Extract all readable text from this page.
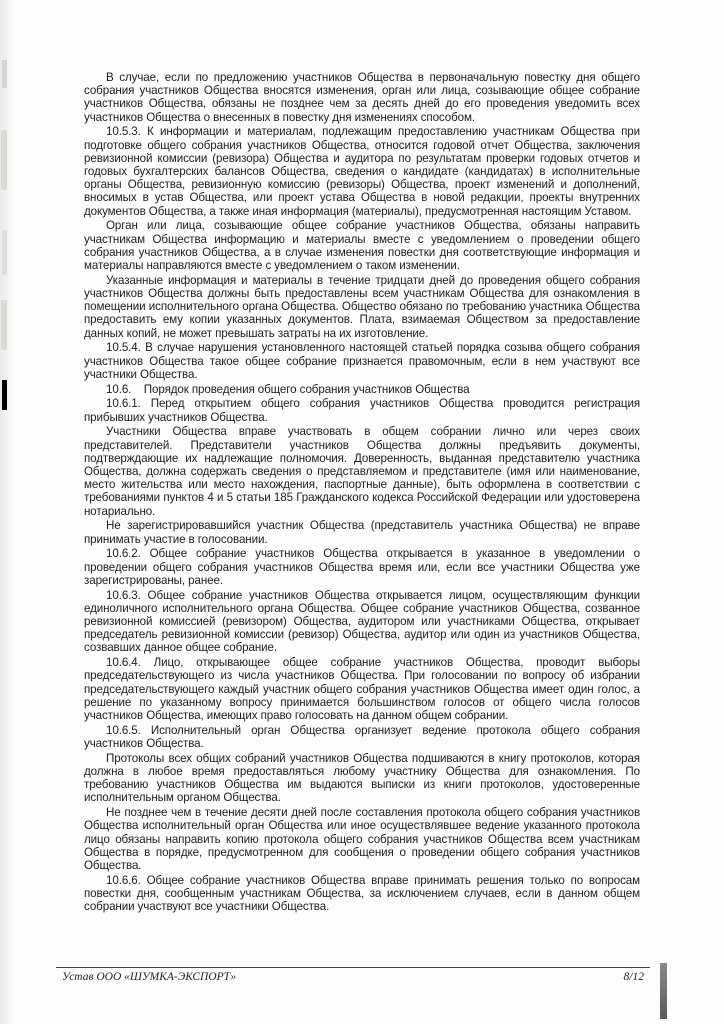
В случае, если по предложению участников Общества в первоначальную повестку дня общего собрания участников Общества вносятся изменения, орган или лица, созывающие общее собрание участников Общества, обязаны не позднее чем за десять дней до его проведения уведомить всех участников Общества о внесенных в повестку дня изменениях способом.

10.5.3. К информации и материалам, подлежащим предоставлению участникам Общества при подготовке общего собрания участников Общества, относится годовой отчет Общества, заключения ревизионной комиссии (ревизора) Общества и аудитора по результатам проверки годовых отчетов и годовых бухгалтерских балансов Общества, сведения о кандидате (кандидатах) в исполнительные органы Общества, ревизионную комиссию (ревизоры) Общества, проект изменений и дополнений, вносимых в устав Общества, или проект устава Общества в новой редакции, проекты внутренних документов Общества, а также иная информация (материалы), предусмотренная настоящим Уставом.

Орган или лица, созывающие общее собрание участников Общества, обязаны направить участникам Общества информацию и материалы вместе с уведомлением о проведении общего собрания участников Общества, а в случае изменения повестки дня соответствующие информация и материалы направляются вместе с уведомлением о таком изменении.

Указанные информация и материалы в течение тридцати дней до проведения общего собрания участников Общества должны быть предоставлены всем участникам Общества для ознакомления в помещении исполнительного органа Общества. Общество обязано по требованию участника Общества предоставить ему копии указанных документов. Плата, взимаемая Обществом за предоставление данных копий, не может превышать затраты на их изготовление.

10.5.4. В случае нарушения установленного настоящей статьей порядка созыва общего собрания участников Общества такое общее собрание признается правомочным, если в нем участвуют все участники Общества.

10.6.    Порядок проведения общего собрания участников Общества

10.6.1. Перед открытием общего собрания участников Общества проводится регистрация прибывших участников Общества.

Участники Общества вправе участвовать в общем собрании лично или через своих представителей. Представители участников Общества должны предъявить документы, подтверждающие их надлежащие полномочия. Доверенность, выданная представителю участника Общества, должна содержать сведения о представляемом и представителе (имя или наименование, место жительства или место нахождения, паспортные данные), быть оформлена в соответствии с требованиями пунктов 4 и 5 статьи 185 Гражданского кодекса Российской Федерации или удостоверена нотариально.

Не зарегистрировавшийся участник Общества (представитель участника Общества) не вправе принимать участие в голосовании.

10.6.2. Общее собрание участников Общества открывается в указанное в уведомлении о проведении общего собрания участников Общества время или, если все участники Общества уже зарегистрированы, ранее.

10.6.3. Общее собрание участников Общества открывается лицом, осуществляющим функции единоличного исполнительного органа Общества. Общее собрание участников Общества, созванное ревизионной комиссией (ревизором) Общества, аудитором или участниками Общества, открывает председатель ревизионной комиссии (ревизор) Общества, аудитор или один из участников Общества, созвавших данное общее собрание.

10.6.4. Лицо, открывающее общее собрание участников Общества, проводит выборы председательствующего из числа участников Общества. При голосовании по вопросу об избрании председательствующего каждый участник общего собрания участников Общества имеет один голос, а решение по указанному вопросу принимается большинством голосов от общего числа голосов участников Общества, имеющих право голосовать на данном общем собрании.

10.6.5. Исполнительный орган Общества организует ведение протокола общего собрания участников Общества.

Протоколы всех общих собраний участников Общества подшиваются в книгу протоколов, которая должна в любое время предоставляться любому участнику Общества для ознакомления. По требованию участников Общества им выдаются выписки из книги протоколов, удостоверенные исполнительным органом Общества.

Не позднее чем в течение десяти дней после составления протокола общего собрания участников Общества исполнительный орган Общества или иное осуществлявшее ведение указанного протокола лицо обязаны направить копию протокола общего собрания участников Общества всем участникам Общества в порядке, предусмотренном для сообщения о проведении общего собрания участников Общества.

10.6.6. Общее собрание участников Общества вправе принимать решения только по вопросам повестки дня, сообщенным участникам Общества, за исключением случаев, если в данном общем собрании участвуют все участники Общества.

Устав ООО «ШУМКА-ЭКСПОРТ»	8/12
